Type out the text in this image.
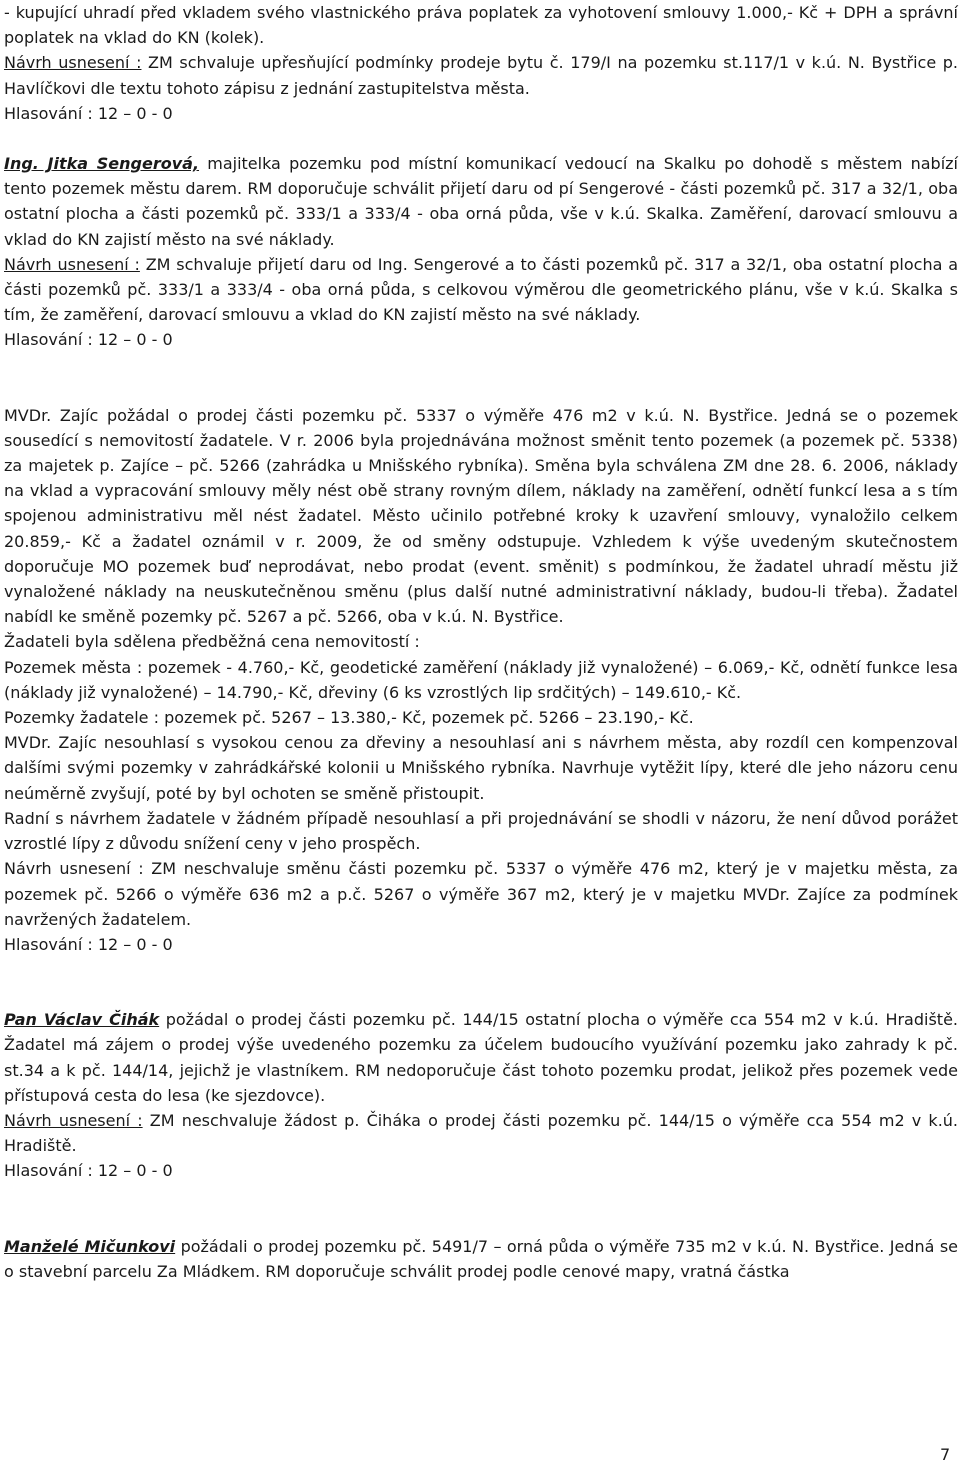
- kupující uhradí před vkladem svého vlastnického práva poplatek za vyhotovení smlouvy 1.000,- Kč + DPH a správní poplatek na vklad do KN (kolek).

Návrh usnesení : ZM schvaluje upřesňující podmínky prodeje bytu č. 179/I na pozemku st.117/1 v k.ú. N. Bystřice p. Havlíčkovi dle textu tohoto zápisu z jednání zastupitelstva města.

Hlasování : 12 – 0 - 0

Ing. Jitka Sengerová, majitelka pozemku pod místní komunikací vedoucí na Skalku po dohodě s městem nabízí tento pozemek městu darem. RM doporučuje schválit přijetí daru od pí Sengerové - části pozemků pč. 317 a 32/1, oba ostatní plocha a části pozemků pč. 333/1 a 333/4 - oba orná půda, vše v k.ú. Skalka. Zaměření, darovací smlouvu a vklad do KN zajistí město na své náklady.

Návrh usnesení : ZM schvaluje přijetí daru od Ing. Sengerové a to části pozemků pč. 317 a 32/1, oba ostatní plocha a části pozemků pč. 333/1 a 333/4 - oba orná půda, s celkovou výměrou dle geometrického plánu, vše v k.ú. Skalka s tím, že zaměření, darovací smlouvu a vklad do KN zajistí město na své náklady.

Hlasování : 12 – 0 - 0

MVDr. Zajíc požádal o prodej části pozemku pč. 5337 o výměře 476 m2 v k.ú. N. Bystřice. Jedná se o pozemek sousedící s nemovitostí žadatele. V r. 2006 byla projednávána možnost směnit tento pozemek (a pozemek pč. 5338) za majetek p. Zajíce – pč. 5266 (zahrádka u Mnišského rybníka). Směna byla schválena ZM dne 28. 6. 2006, náklady na vklad a vypracování smlouvy měly nést obě strany rovným dílem, náklady na zaměření, odnětí funkcí lesa a s tím spojenou administrativu měl nést žadatel. Město učinilo potřebné kroky k uzavření smlouvy, vynaložilo celkem 20.859,- Kč a žadatel oznámil v r. 2009, že od směny odstupuje. Vzhledem k výše uvedeným skutečnostem doporučuje MO pozemek buď neprodávat, nebo prodat (event. směnit) s podmínkou, že žadatel uhradí městu již vynaložené náklady na neuskutečněnou směnu (plus další nutné administrativní náklady, budou-li třeba). Žadatel nabídl ke směně pozemky pč. 5267 a pč. 5266, oba v k.ú. N. Bystřice.

Žadateli byla sdělena předběžná cena nemovitostí :

Pozemek města : pozemek - 4.760,- Kč, geodetické zaměření (náklady již vynaložené) – 6.069,- Kč, odnětí funkce lesa (náklady již vynaložené) – 14.790,- Kč, dřeviny (6 ks vzrostlých lip srdčitých) – 149.610,- Kč.

Pozemky žadatele : pozemek pč. 5267 – 13.380,- Kč, pozemek pč. 5266 – 23.190,- Kč.

MVDr. Zajíc nesouhlasí s vysokou cenou za dřeviny a nesouhlasí ani s návrhem města, aby rozdíl cen kompenzoval dalšími svými pozemky v zahrádkářské kolonii u Mnišského rybníka. Navrhuje vytěžit lípy, které dle jeho názoru cenu neúměrně zvyšují, poté by byl ochoten se směně přistoupit.

Radní s návrhem žadatele v žádném případě nesouhlasí a při projednávání se shodli v názoru, že není důvod porážet vzrostlé lípy z důvodu snížení ceny v jeho prospěch.

Návrh usnesení : ZM neschvaluje směnu části pozemku pč. 5337 o výměře 476 m2, který je v majetku města, za pozemek pč. 5266 o výměře 636 m2 a p.č. 5267 o výměře 367 m2, který je v majetku MVDr. Zajíce za podmínek navržených žadatelem.

Hlasování : 12 – 0 - 0

Pan Václav Čihák požádal o prodej části pozemku pč. 144/15 ostatní plocha o výměře cca 554 m2 v k.ú. Hradiště. Žadatel má zájem o prodej výše uvedeného pozemku za účelem budoucího využívání pozemku jako zahrady k pč. st.34 a k pč. 144/14, jejichž je vlastníkem. RM nedoporučuje část tohoto pozemku prodat, jelikož přes pozemek vede přístupová cesta do lesa (ke sjezdovce).

Návrh usnesení : ZM neschvaluje žádost p. Čiháka o prodej části pozemku pč. 144/15 o výměře cca 554 m2 v k.ú. Hradiště.

Hlasování : 12 – 0 - 0

Manželé Mičunkovi požádali o prodej pozemku pč. 5491/7 – orná půda o výměře 735 m2 v k.ú. N. Bystřice. Jedná se o stavební parcelu Za Mládkem. RM doporučuje schválit prodej podle cenové mapy, vratná částka

7
